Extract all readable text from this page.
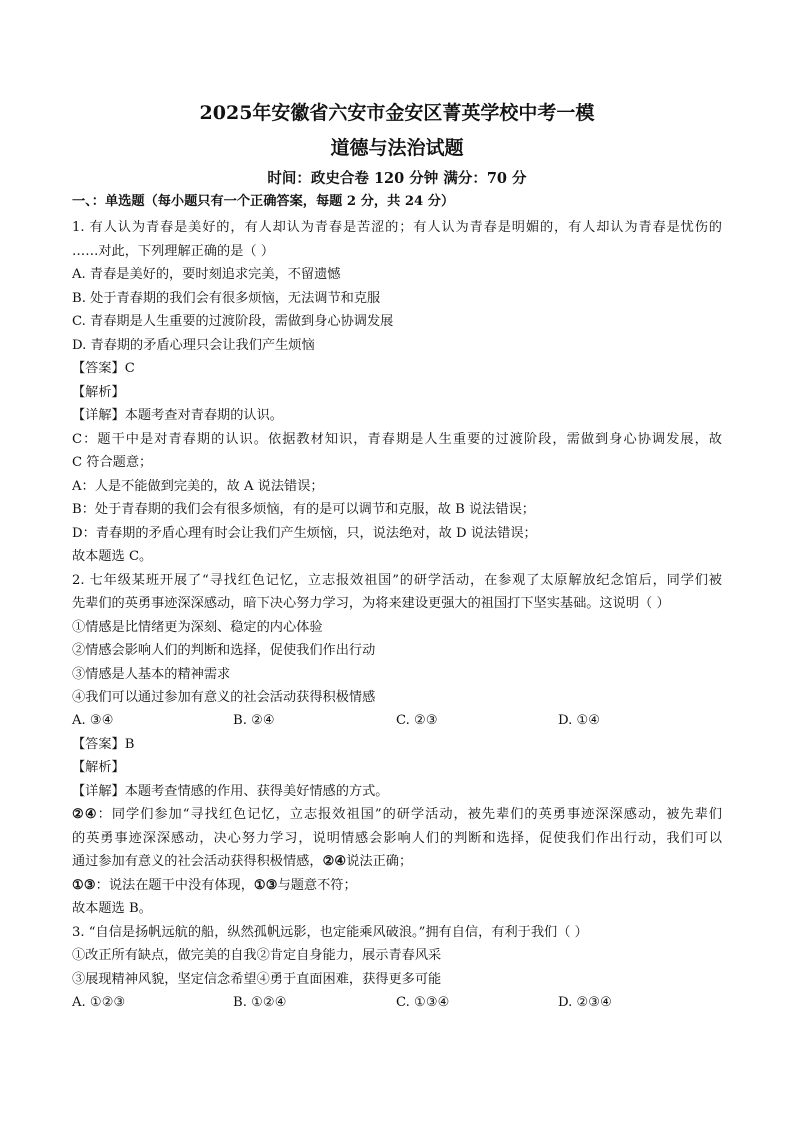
2025年安徽省六安市金安区菁英学校中考一模
道德与法治试题
时间：政史合卷 120 分钟 满分：70 分
一、：单选题（每小题只有一个正确答案，每题 2 分，共 24 分）
1. 有人认为青春是美好的，有人却认为青春是苦涩的；有人认为青春是明媚的，有人却认为青春是忧伤的
……对此，下列理解正确的是（ ）
A. 青春是美好的，要时刻追求完美，不留遗憾
B. 处于青春期的我们会有很多烦恼，无法调节和克服
C. 青春期是人生重要的过渡阶段，需做到身心协调发展
D. 青春期的矛盾心理只会让我们产生烦恼
【答案】C
【解析】
【详解】本题考查对青春期的认识。
C：题干中是对青春期的认识。依据教材知识，青春期是人生重要的过渡阶段，需做到身心协调发展，故
C 符合题意；
A：人是不能做到完美的，故 A 说法错误；
B：处于青春期的我们会有很多烦恼，有的是可以调节和克服，故 B 说法错误；
D：青春期的矛盾心理有时会让我们产生烦恼，只，说法绝对，故 D 说法错误；
故本题选 C。
2. 七年级某班开展了“寻找红色记忆，立志报效祖国”的研学活动，在参观了太原解放纪念馆后，同学们被
先辈们的英勇事迹深深感动，暗下决心努力学习，为将来建设更强大的祖国打下坚实基础。这说明（ ）
①情感是比情绪更为深刻、稳定的内心体验
②情感会影响人们的判断和选择，促使我们作出行动
③情感是人基本的精神需求
④我们可以通过参加有意义的社会活动获得积极情感
A. ③④	B. ②④	C. ②③	D. ①④
【答案】B
【解析】
【详解】本题考查情感的作用、获得美好情感的方式。
②④：同学们参加“寻找红色记忆，立志报效祖国”的研学活动，被先辈们的英勇事迹深深感动，被先辈们
的英勇事迹深深感动，决心努力学习，说明情感会影响人们的判断和选择，促使我们作出行动，我们可以
通过参加有意义的社会活动获得积极情感，②④说法正确；
①③：说法在题干中没有体现，①③与题意不符；
故本题选 B。
3. “自信是扬帆远航的船，纵然孤帆远影，也定能乘风破浪。”拥有自信，有利于我们（ ）
①改正所有缺点，做完美的自我②肯定自身能力，展示青春风采
③展现精神风貌，坚定信念希望④勇于直面困难，获得更多可能
A. ①②③	B. ①②④	C. ①③④	D. ②③④
